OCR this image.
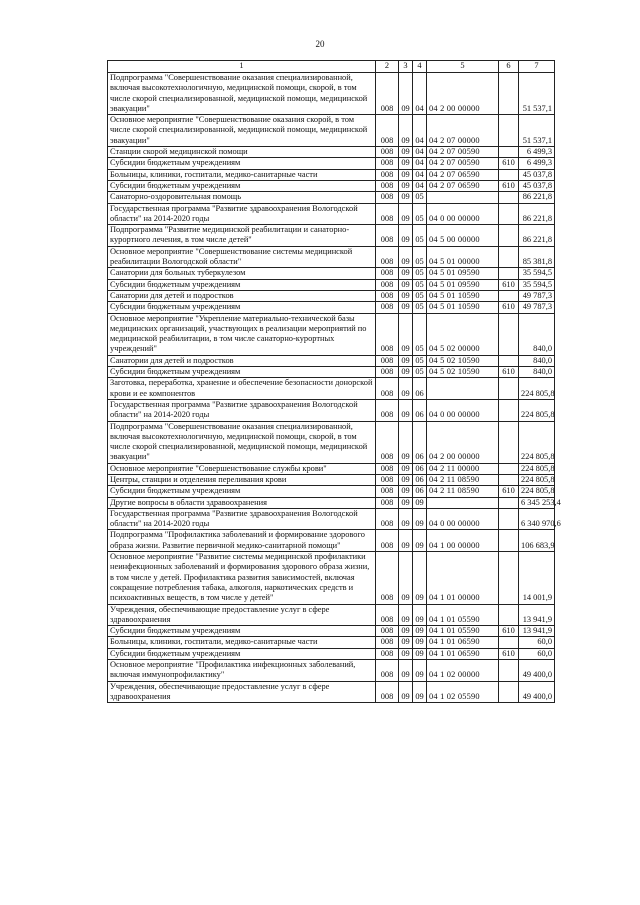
20
1	2	3	4	5	6	7
Подпрограмма "Совершенствование оказания специализированной, включая высокотехнологичную, медицинской помощи, скорой, в том числе скорой специализированной, медицинской помощи, медицинской эвакуации"	008	09	04	04 2 00 00000		51 537,1
Основное мероприятие "Совершенствование оказания скорой, в том числе скорой специализированной, медицинской помощи, медицинской эвакуации"	008	09	04	04 2 07 00000		51 537,1
Станции скорой медицинской помощи	008	09	04	04 2 07 00590		6 499,3
Субсидии бюджетным учреждениям	008	09	04	04 2 07 00590	610	6 499,3
Больницы, клиники, госпитали, медико-санитарные части	008	09	04	04 2 07 06590		45 037,8
Субсидии бюджетным учреждениям	008	09	04	04 2 07 06590	610	45 037,8
Санаторно-оздоровительная помощь	008	09	05			86 221,8
Государственная программа "Развитие здравоохранения Вологодской области" на 2014-2020 годы	008	09	05	04 0 00 00000		86 221,8
Подпрограмма "Развитие медицинской реабилитации и санаторно-курортного лечения, в том числе детей"	008	09	05	04 5 00 00000		86 221,8
Основное мероприятие "Совершенствование системы медицинской реабилитации Вологодской области"	008	09	05	04 5 01 00000		85 381,8
Санатории для больных туберкулезом	008	09	05	04 5 01 09590		35 594,5
Субсидии бюджетным учреждениям	008	09	05	04 5 01 09590	610	35 594,5
Санатории для детей и подростков	008	09	05	04 5 01 10590		49 787,3
Субсидии бюджетным учреждениям	008	09	05	04 5 01 10590	610	49 787,3
Основное мероприятие "Укрепление материально-технической базы медицинских организаций, участвующих в реализации мероприятий по медицинской реабилитации, в том числе санаторно-курортных учреждений"	008	09	05	04 5 02 00000		840,0
Санатории для детей и подростков	008	09	05	04 5 02 10590		840,0
Субсидии бюджетным учреждениям	008	09	05	04 5 02 10590	610	840,0
Заготовка, переработка, хранение и обеспечение безопасности донорской крови и ее компонентов	008	09	06			224 805,8
Государственная программа "Развитие здравоохранения Вологодской области" на 2014-2020 годы	008	09	06	04 0 00 00000		224 805,8
Подпрограмма "Совершенствование оказания специализированной, включая высокотехнологичную, медицинской помощи, скорой, в том числе скорой специализированной, медицинской помощи, медицинской эвакуации"	008	09	06	04 2 00 00000		224 805,8
Основное мероприятие "Совершенствование службы крови"	008	09	06	04 2 11 00000		224 805,8
Центры, станции и отделения переливания крови	008	09	06	04 2 11 08590		224 805,8
Субсидии бюджетным учреждениям	008	09	06	04 2 11 08590	610	224 805,8
Другие вопросы в области здравоохранения	008	09	09			6 345 253,4
Государственная программа "Развитие здравоохранения Вологодской области" на 2014-2020 годы	008	09	09	04 0 00 00000		6 340 970,6
Подпрограмма "Профилактика заболеваний и формирование здорового образа жизни. Развитие первичной медико-санитарной помощи"	008	09	09	04 1 00 00000		106 683,9
Основное мероприятие "Развитие системы медицинской профилактики неинфекционных заболеваний и формирования здорового образа жизни, в том числе у детей. Профилактика развития зависимостей, включая сокращение потребления табака, алкоголя, наркотических средств и психоактивных веществ, в том числе у детей"	008	09	09	04 1 01 00000		14 001,9
Учреждения, обеспечивающие предоставление услуг в сфере здравоохранения	008	09	09	04 1 01 05590		13 941,9
Субсидии бюджетным учреждениям	008	09	09	04 1 01 05590	610	13 941,9
Больницы, клиники, госпитали, медико-санитарные части	008	09	09	04 1 01 06590		60,0
Субсидии бюджетным учреждениям	008	09	09	04 1 01 06590	610	60,0
Основное мероприятие "Профилактика инфекционных заболеваний, включая иммунопрофилактику"	008	09	09	04 1 02 00000		49 400,0
Учреждения, обеспечивающие предоставление услуг в сфере здравоохранения	008	09	09	04 1 02 05590		49 400,0
